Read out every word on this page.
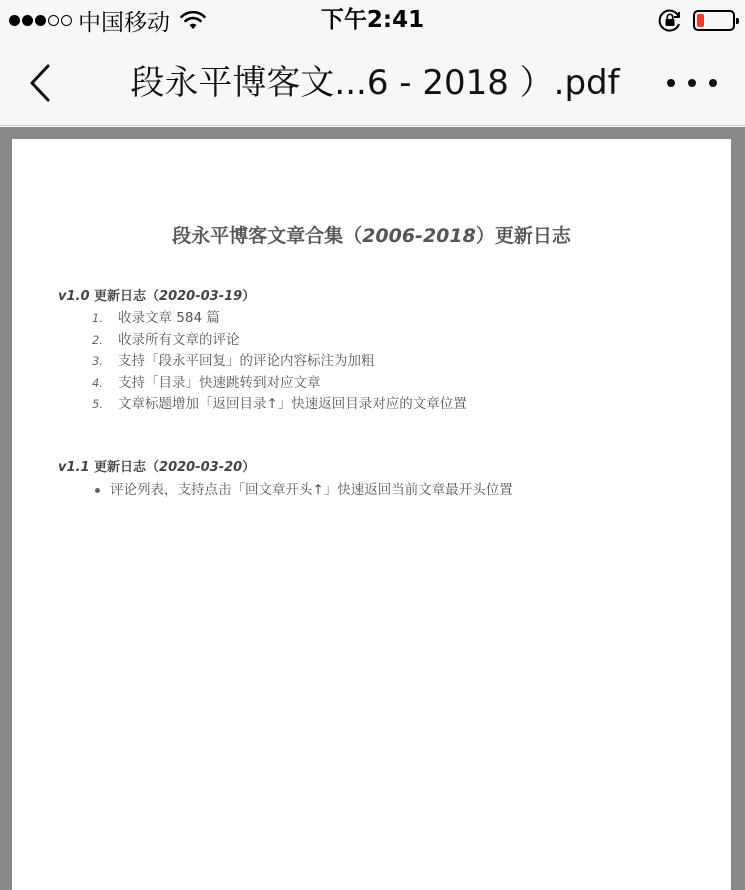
中国移动	下午2:41
段永平博客文...6 - 2018 ）.pdf
段永平博客文章合集（2006-2018）更新日志
v1.0 更新日志（2020-03-19）
1.	收录文章 584 篇
2.	收录所有文章的评论
3.	支持「段永平回复」的评论内容标注为加粗
4.	支持「目录」快速跳转到对应文章
5.	文章标题增加「返回目录↑」快速返回目录对应的文章位置
v1.1 更新日志（2020-03-20）
评论列表，支持点击「回文章开头↑」快速返回当前文章最开头位置
